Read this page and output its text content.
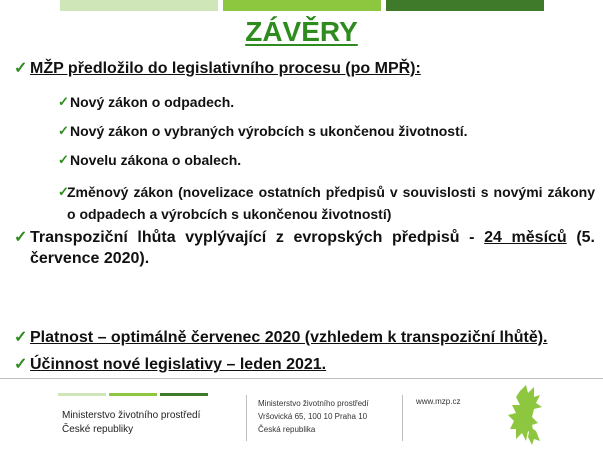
ZÁVĚRY
✓ MŽP předložilo do legislativního procesu (po MPŘ):
✓ Nový zákon o odpadech.
✓ Nový zákon o vybraných výrobcích s ukončenou životností.
✓ Novelu zákona o obalech.
✓
Změnový zákon (novelizace ostatních předpisů v souvislosti s novými zákony o odpadech a výrobcích s ukončenou životností)
✓ Transpoziční lhůta vyplývající z evropských předpisů - 24 měsíců (5. července 2020).
✓ Platnost – optimálně červenec 2020 (vzhledem k transpoziční lhůtě).
✓ Účinnost nové legislativy – leden 2021.
Ministerstvo životního prostředí
České republiky
Ministerstvo životního prostředí
Vršovická 65, 100 10 Praha 10
Česká republika
www.mzp.cz
